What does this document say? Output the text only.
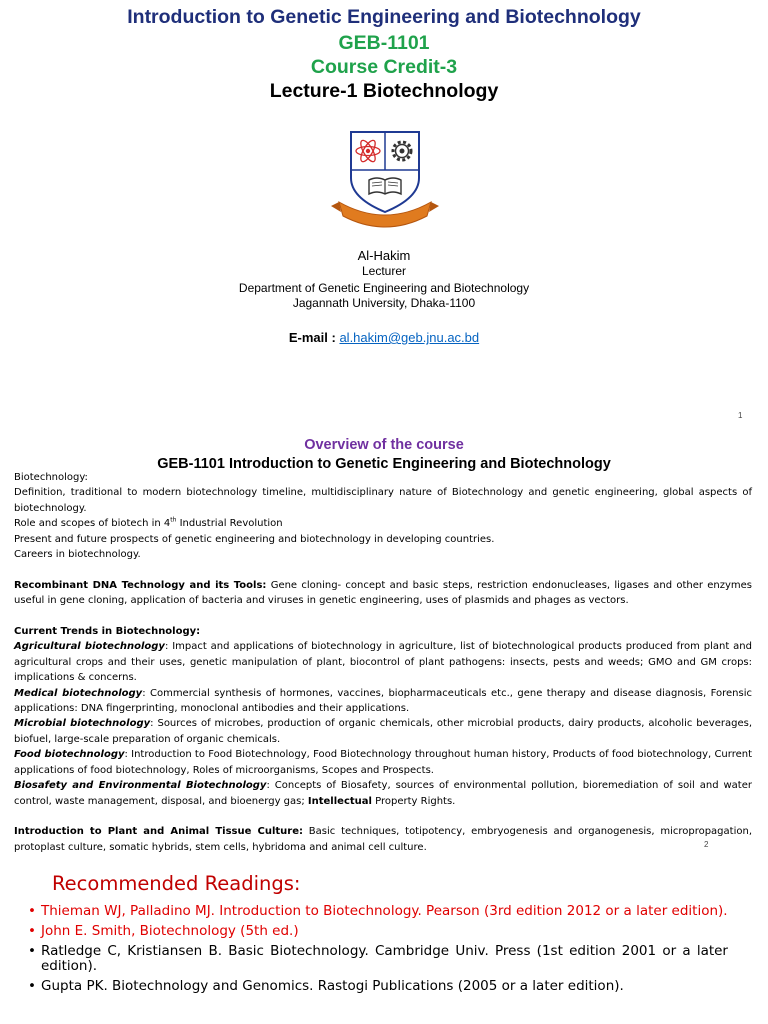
Introduction to Genetic Engineering and Biotechnology
GEB-1101
Course Credit-3
Lecture-1 Biotechnology
Al-Hakim
Lecturer
Department of Genetic Engineering and Biotechnology
Jagannath University, Dhaka-1100
E-mail : al.hakim@geb.jnu.ac.bd
1
Overview of the course
GEB-1101 Introduction to Genetic Engineering and Biotechnology

Biotechnology:

Definition, traditional to modern biotechnology timeline, multidisciplinary nature of Biotechnology and genetic engineering, global aspects of biotechnology.

Role and scopes of biotech in 4th Industrial Revolution

Present and future prospects of genetic engineering and biotechnology in developing countries.

Careers in biotechnology.

Recombinant DNA Technology and its Tools: Gene cloning- concept and basic steps, restriction endonucleases, ligases and other enzymes useful in gene cloning, application of bacteria and viruses in genetic engineering, uses of plasmids and phages as vectors.

Current Trends in Biotechnology:

Agricultural biotechnology: Impact and applications of biotechnology in agriculture, list of biotechnological products produced from plant and agricultural crops and their uses, genetic manipulation of plant, biocontrol of plant pathogens: insects, pests and weeds; GMO and GM crops: implications & concerns.

Medical biotechnology: Commercial synthesis of hormones, vaccines, biopharmaceuticals etc., gene therapy and disease diagnosis, Forensic applications: DNA fingerprinting, monoclonal antibodies and their applications.

Microbial biotechnology: Sources of microbes, production of organic chemicals, other microbial products, dairy products, alcoholic beverages, biofuel, large-scale preparation of organic chemicals.

Food biotechnology: Introduction to Food Biotechnology, Food Biotechnology throughout human history, Products of food biotechnology, Current applications of food biotechnology, Roles of microorganisms, Scopes and Prospects.

Biosafety and Environmental Biotechnology: Concepts of Biosafety, sources of environmental pollution, bioremediation of soil and water control, waste management, disposal, and bioenergy gas; Intellectual Property Rights.

Introduction to Plant and Animal Tissue Culture: Basic techniques, totipotency, embryogenesis and organogenesis, micropropagation, protoplast culture, somatic hybrids, stem cells, hybridoma and animal cell culture.	2
Recommended Readings:
• Thieman WJ, Palladino MJ. Introduction to Biotechnology. Pearson (3rd edition 2012 or a later edition).
• John E. Smith, Biotechnology (5th ed.)
• Ratledge C, Kristiansen B. Basic Biotechnology. Cambridge Univ. Press (1st edition 2001 or a later edition).
• Gupta PK. Biotechnology and Genomics. Rastogi Publications (2005 or a later edition).
